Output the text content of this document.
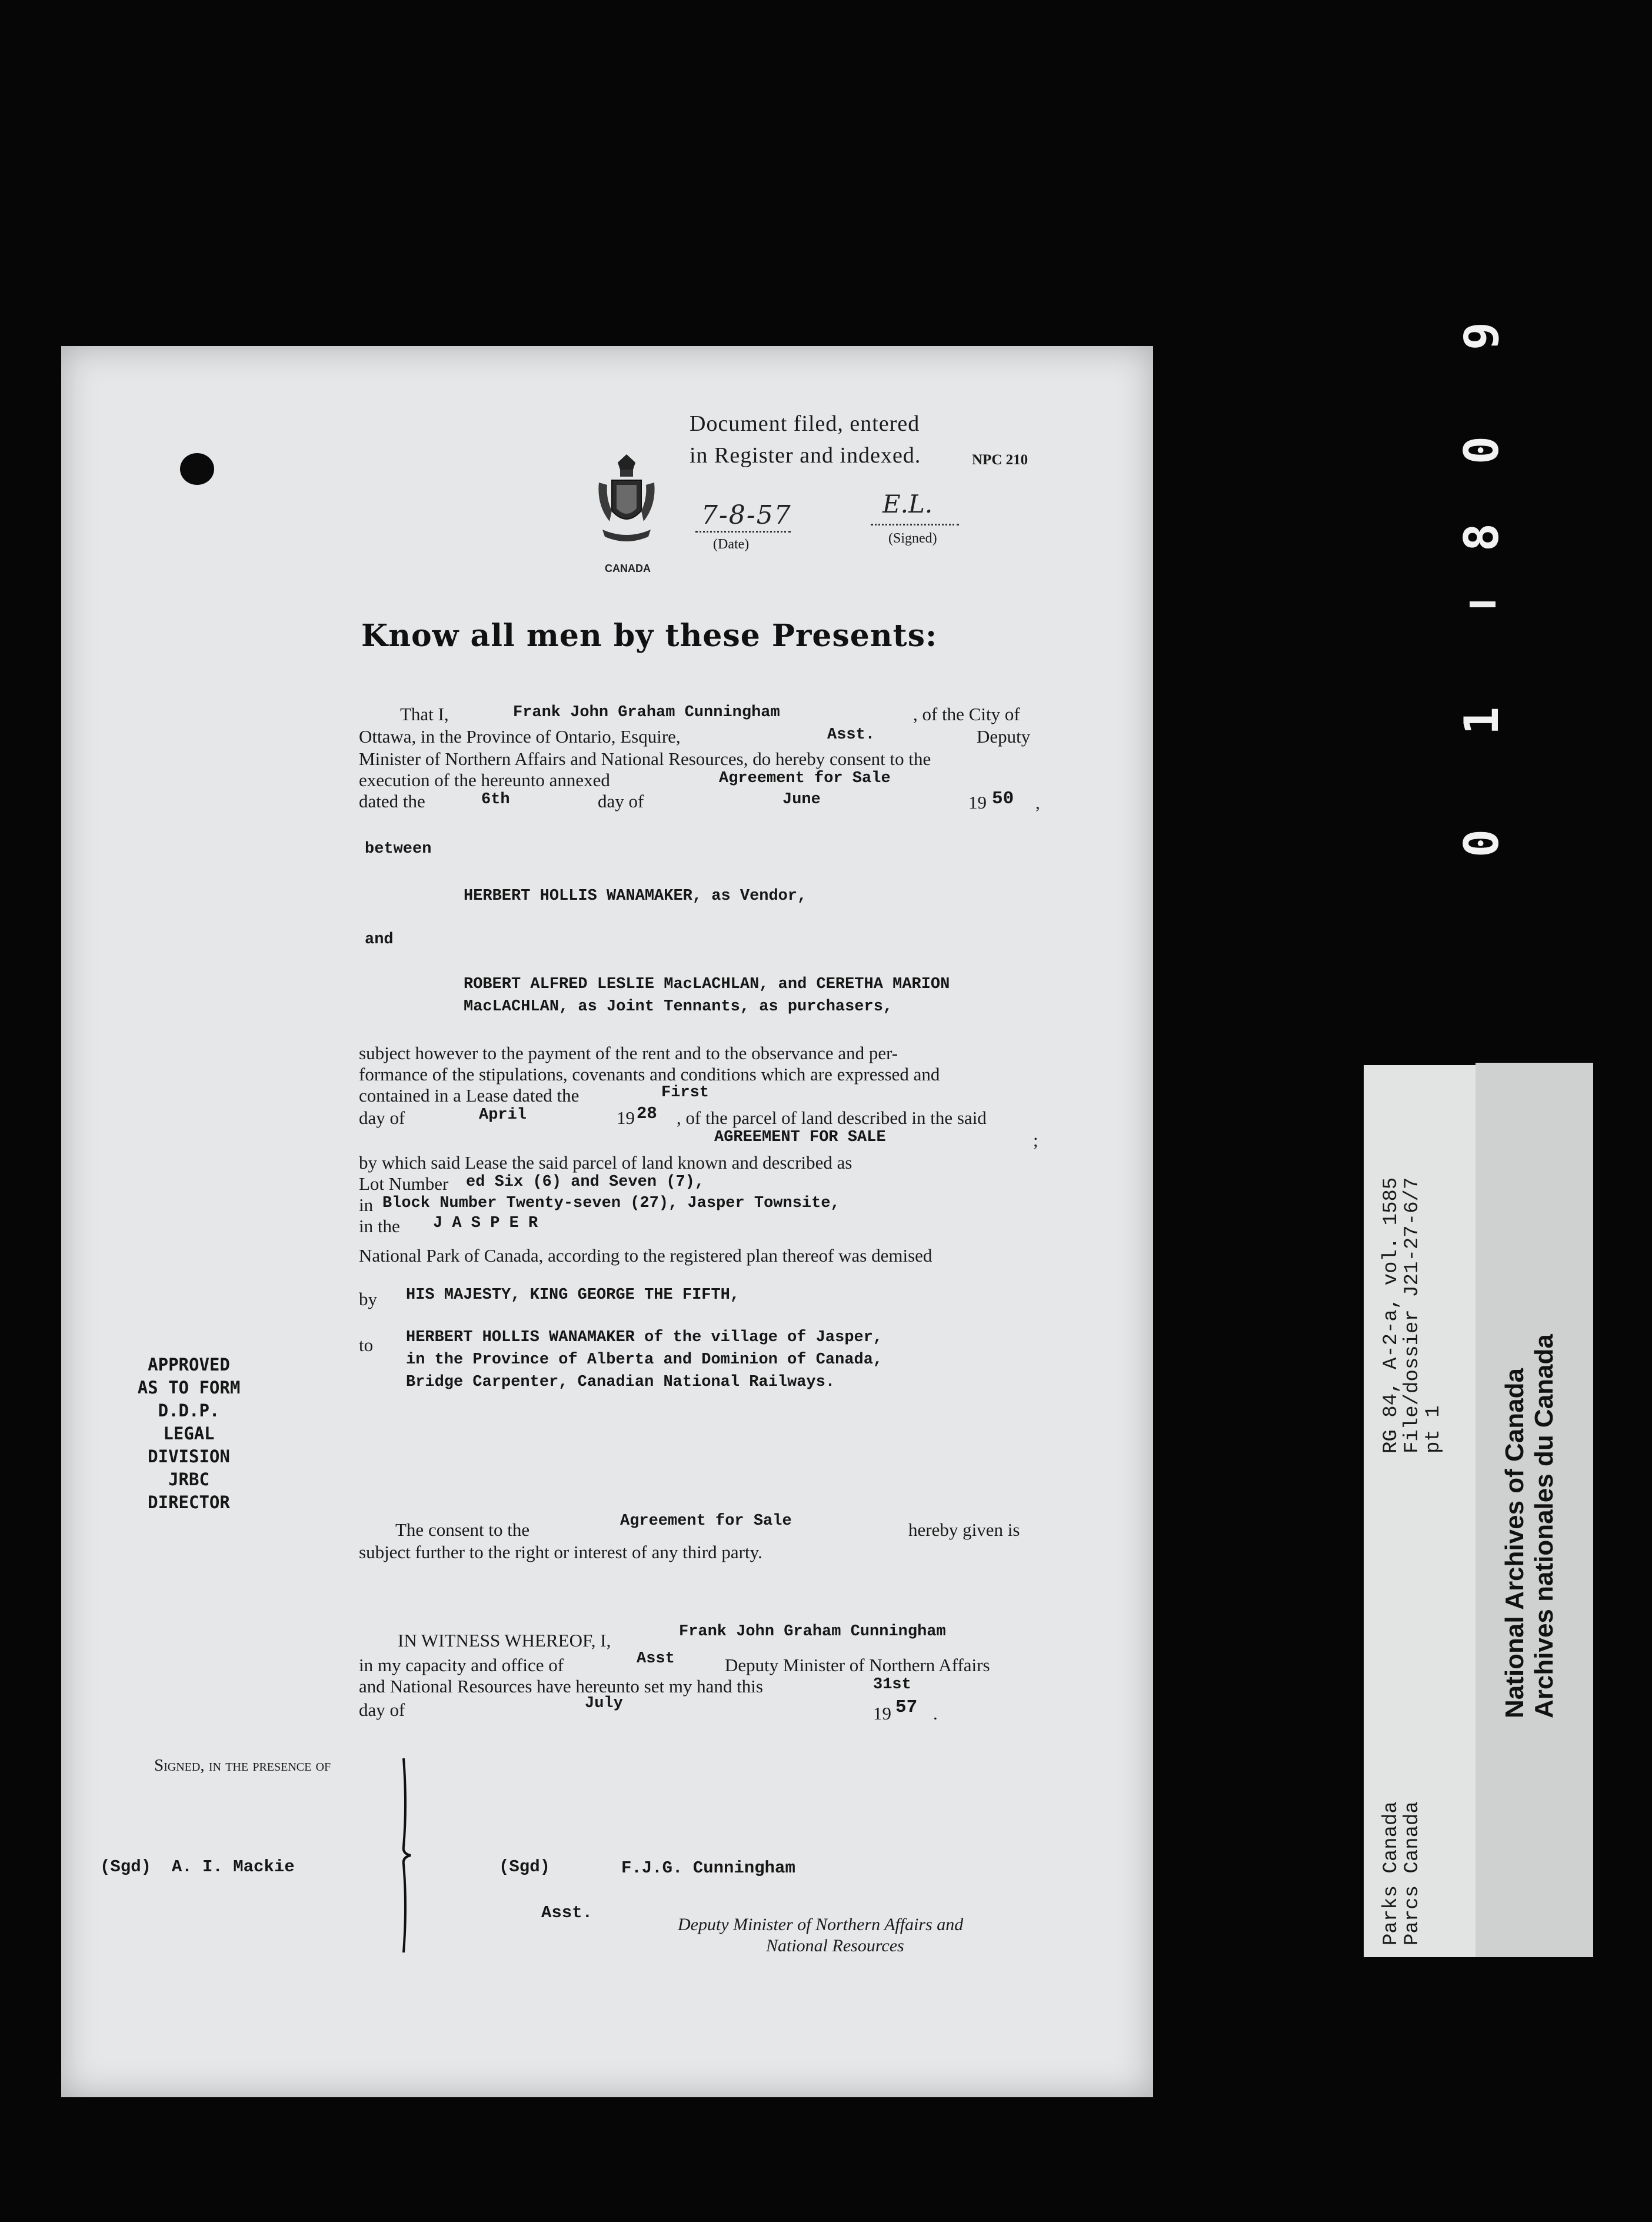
CANADA
Document filed, entered
in Register and indexed.	NPC 210
7-8-57
(Date)
E.L.
(Signed)
Know all men by these Presents:
That I,	Frank John Graham Cunningham	, of the City of
Ottawa, in the Province of Ontario, Esquire,	Asst.	Deputy
Minister of Northern Affairs and National Resources, do hereby consent to the
execution of the hereunto annexed	Agreement for Sale
dated the	6th	day of	June	19 50 ,
between
HERBERT HOLLIS WANAMAKER, as Vendor,
and
ROBERT ALFRED LESLIE MacLACHLAN, and CERETHA MARION
MacLACHLAN, as Joint Tennants, as purchasers,
subject however to the payment of the rent and to the observance and per-
formance of the stipulations, covenants and conditions which are expressed and
contained in a Lease dated the	First
day of	April	19 28 , of the parcel of land described in the said
AGREEMENT FOR SALE	;
by which said Lease the said parcel of land known and described as
Lot Number ed Six (6) and Seven (7),
in Block Number Twenty-seven (27), Jasper Townsite,
in the J A S P E R
National Park of Canada, according to the registered plan thereof was demised
by HIS MAJESTY, KING GEORGE THE FIFTH,
to HERBERT HOLLIS WANAMAKER of the village of Jasper,
in the Province of Alberta and Dominion of Canada,
Bridge Carpenter, Canadian National Railways.
APPROVED
AS TO FORM
D.D.P.
LEGAL DIVISION
JRBC
DIRECTOR
The consent to the	Agreement for Sale	hereby given is
subject further to the right or interest of any third party.
IN WITNESS WHEREOF, I,	Frank John Graham Cunningham
in my capacity and office of	Asst	Deputy Minister of Northern Affairs
and National Resources have hereunto set my hand this	31st
day of	July	19 57 .
Signed, in the presence of
(Sgd)  A. I. Mackie	(Sgd)	F.J.G. Cunningham
Asst.
Deputy Minister of Northern Affairs and
National Resources
9
0
8
1
0
RG 84, A-2-a, vol. 1585
File/dossier J21-27-6/7
pt 1
Parks Canada
Parcs Canada
National Archives of Canada Archives nationales du Canada
